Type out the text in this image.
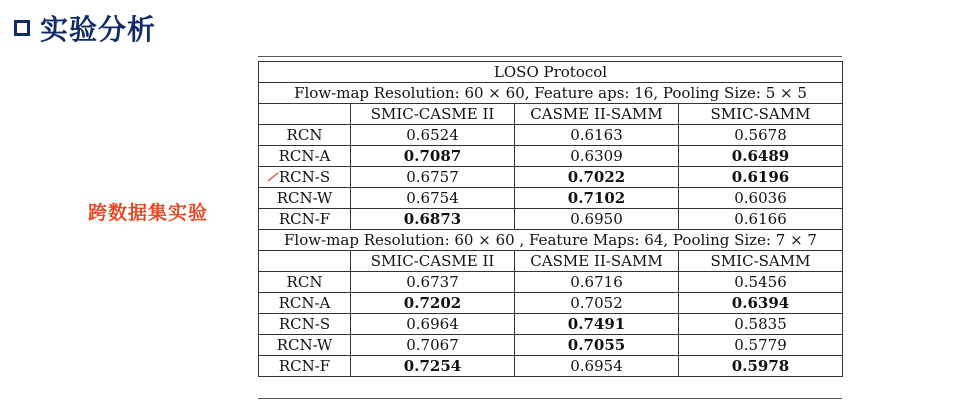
实验分析
跨数据集实验
LOSO Protocol			
Flow-map Resolution: 60 × 60, Feature aps: 16, Pooling Size: 5 × 5			
	SMIC-CASME II	CASME II-SAMM	SMIC-SAMM
RCN	0.6524	0.6163	0.5678
RCN-A	0.7087	0.6309	0.6489
RCN-S	0.6757	0.7022	0.6196
RCN-W	0.6754	0.7102	0.6036
RCN-F	0.6873	0.6950	0.6166
Flow-map Resolution: 60 × 60 , Feature Maps: 64, Pooling Size: 7 × 7			
	SMIC-CASME II	CASME II-SAMM	SMIC-SAMM
RCN	0.6737	0.6716	0.5456
RCN-A	0.7202	0.7052	0.6394
RCN-S	0.6964	0.7491	0.5835
RCN-W	0.7067	0.7055	0.5779
RCN-F	0.7254	0.6954	0.5978
